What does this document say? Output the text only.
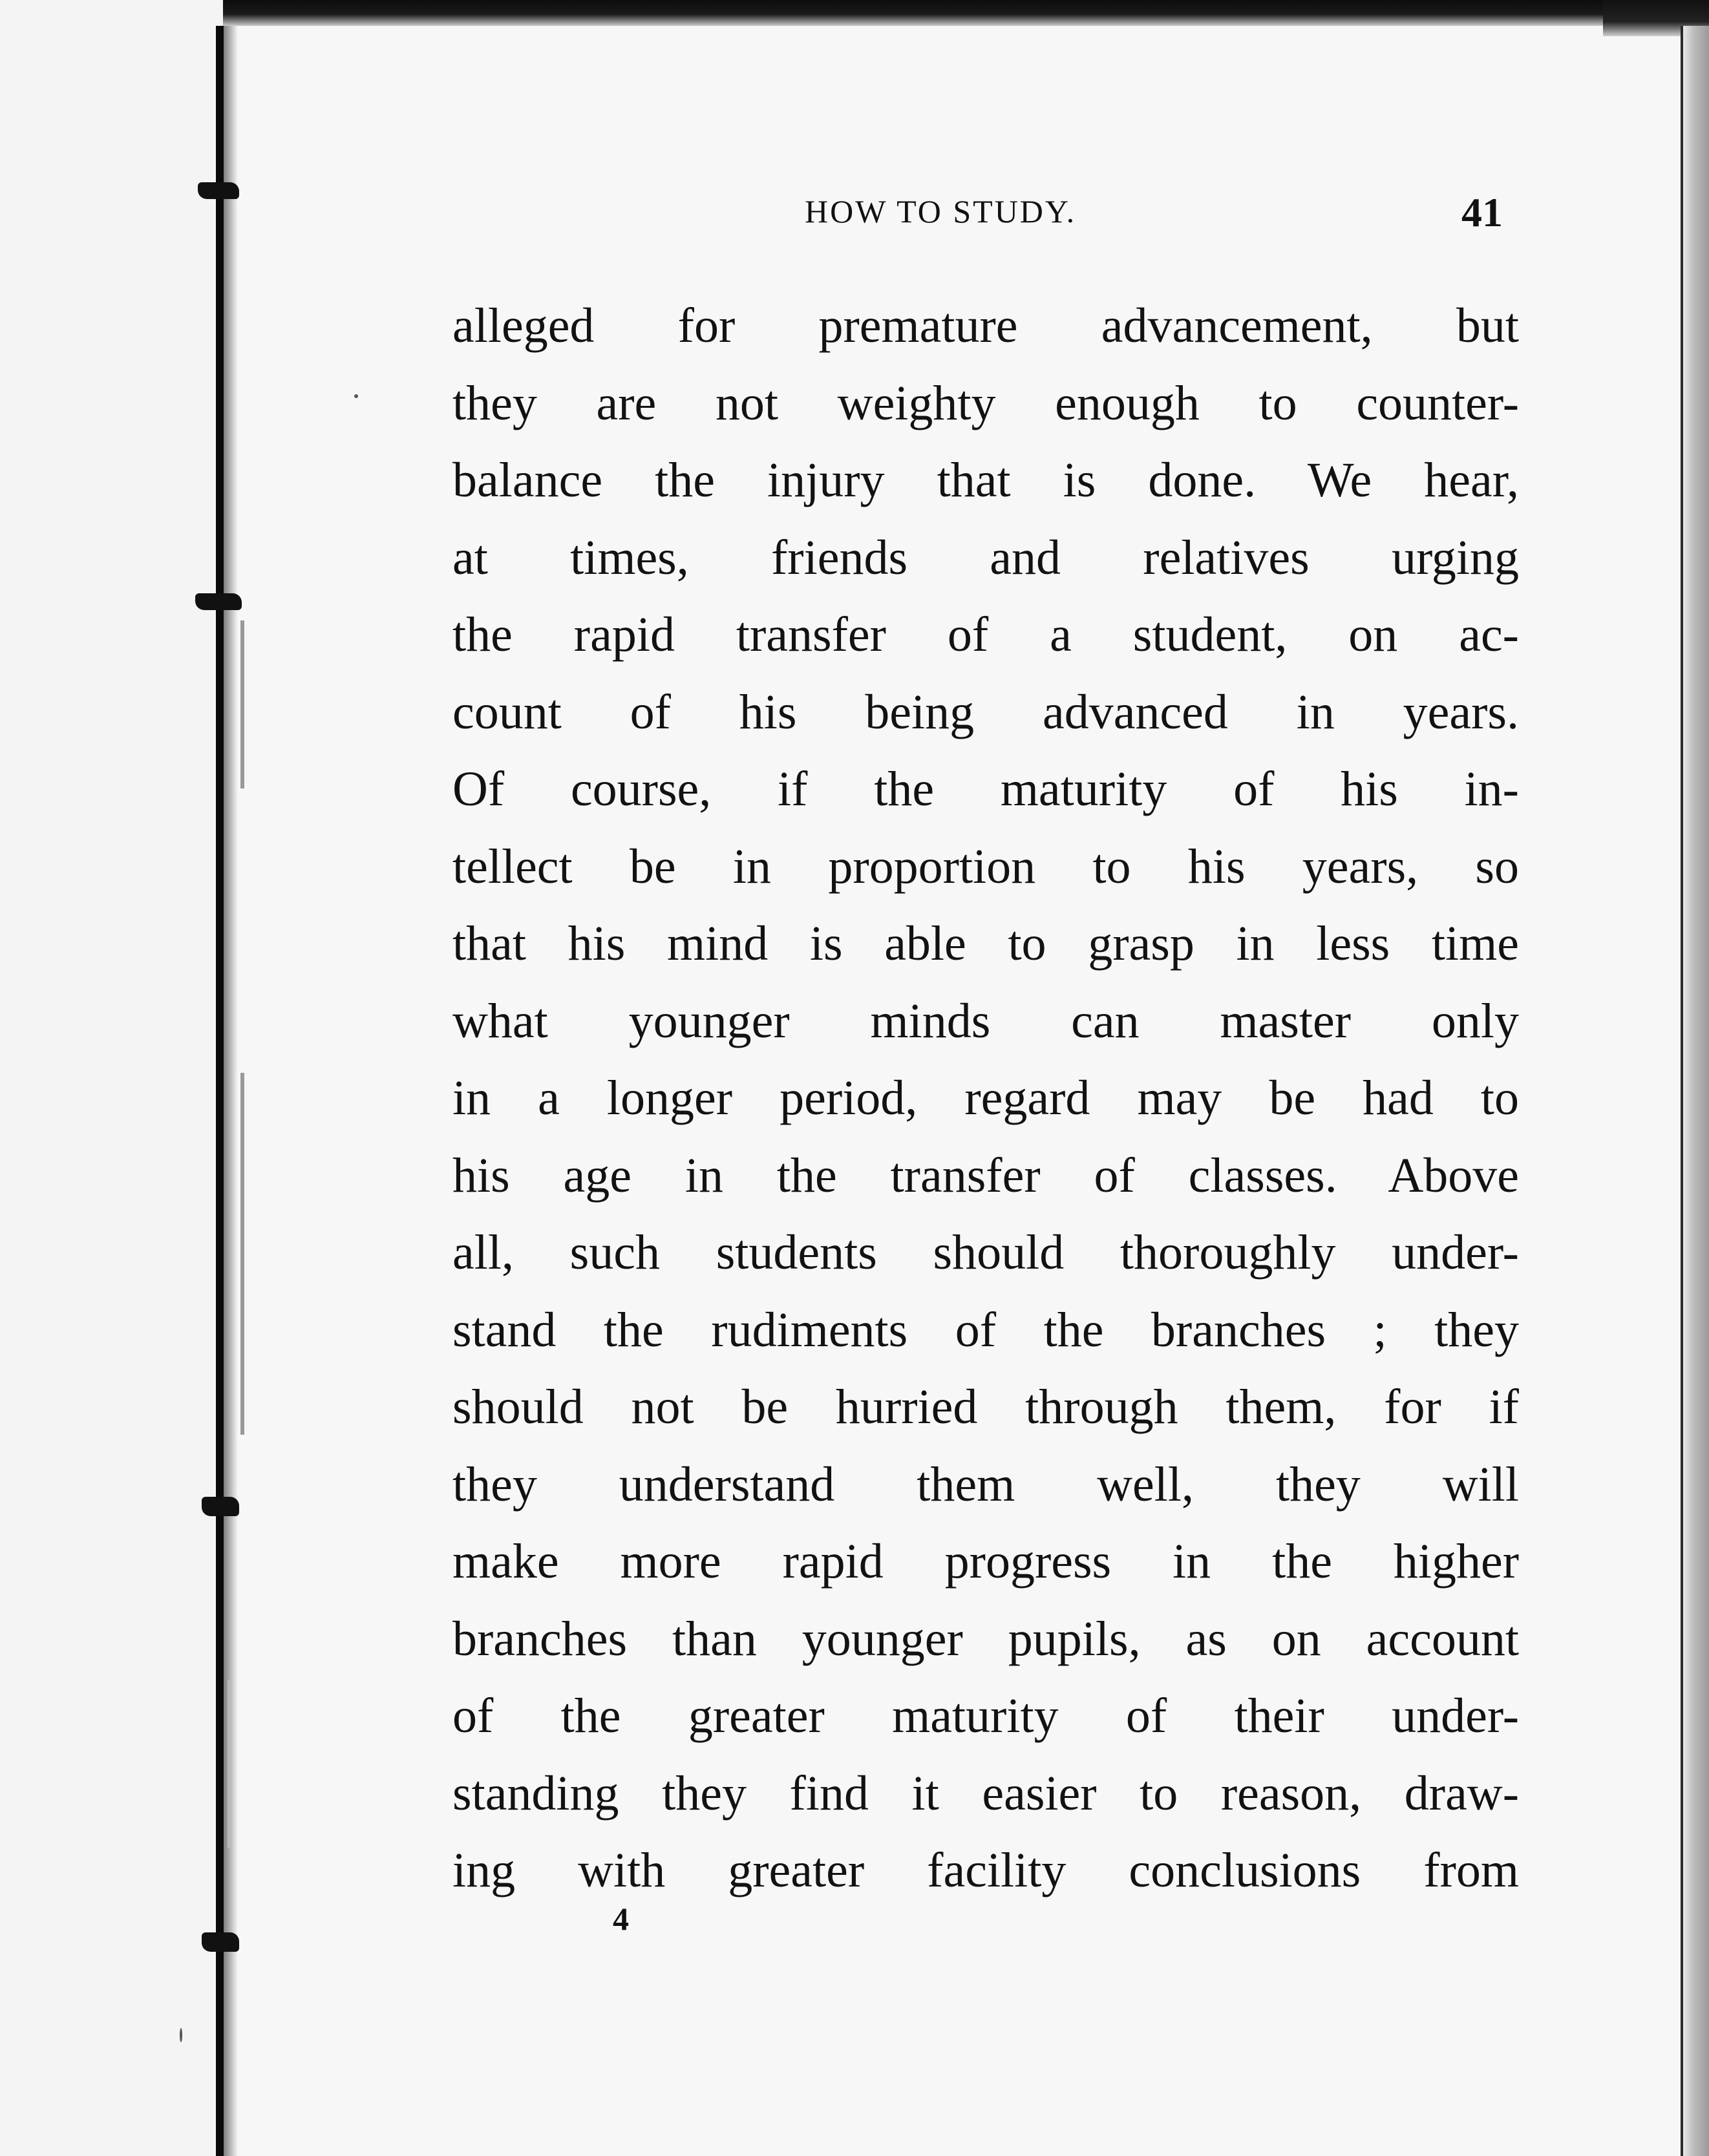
HOW TO STUDY.	41
alleged for premature advancement, but
they are not weighty enough to counter-
balance the injury that is done. We hear,
at times, friends and relatives urging
the rapid transfer of a student, on ac-
count of his being advanced in years.
Of course, if the maturity of his in-
tellect be in proportion to his years, so
that his mind is able to grasp in less time
what younger minds can master only
in a longer period, regard may be had to
his age in the transfer of classes. Above
all, such students should thoroughly under-
stand the rudiments of the branches ; they
should not be hurried through them, for if
they understand them well, they will
make more rapid progress in the higher
branches than younger pupils, as on account
of the greater maturity of their under-
standing they find it easier to reason, draw-
ing with greater facility conclusions from
4
